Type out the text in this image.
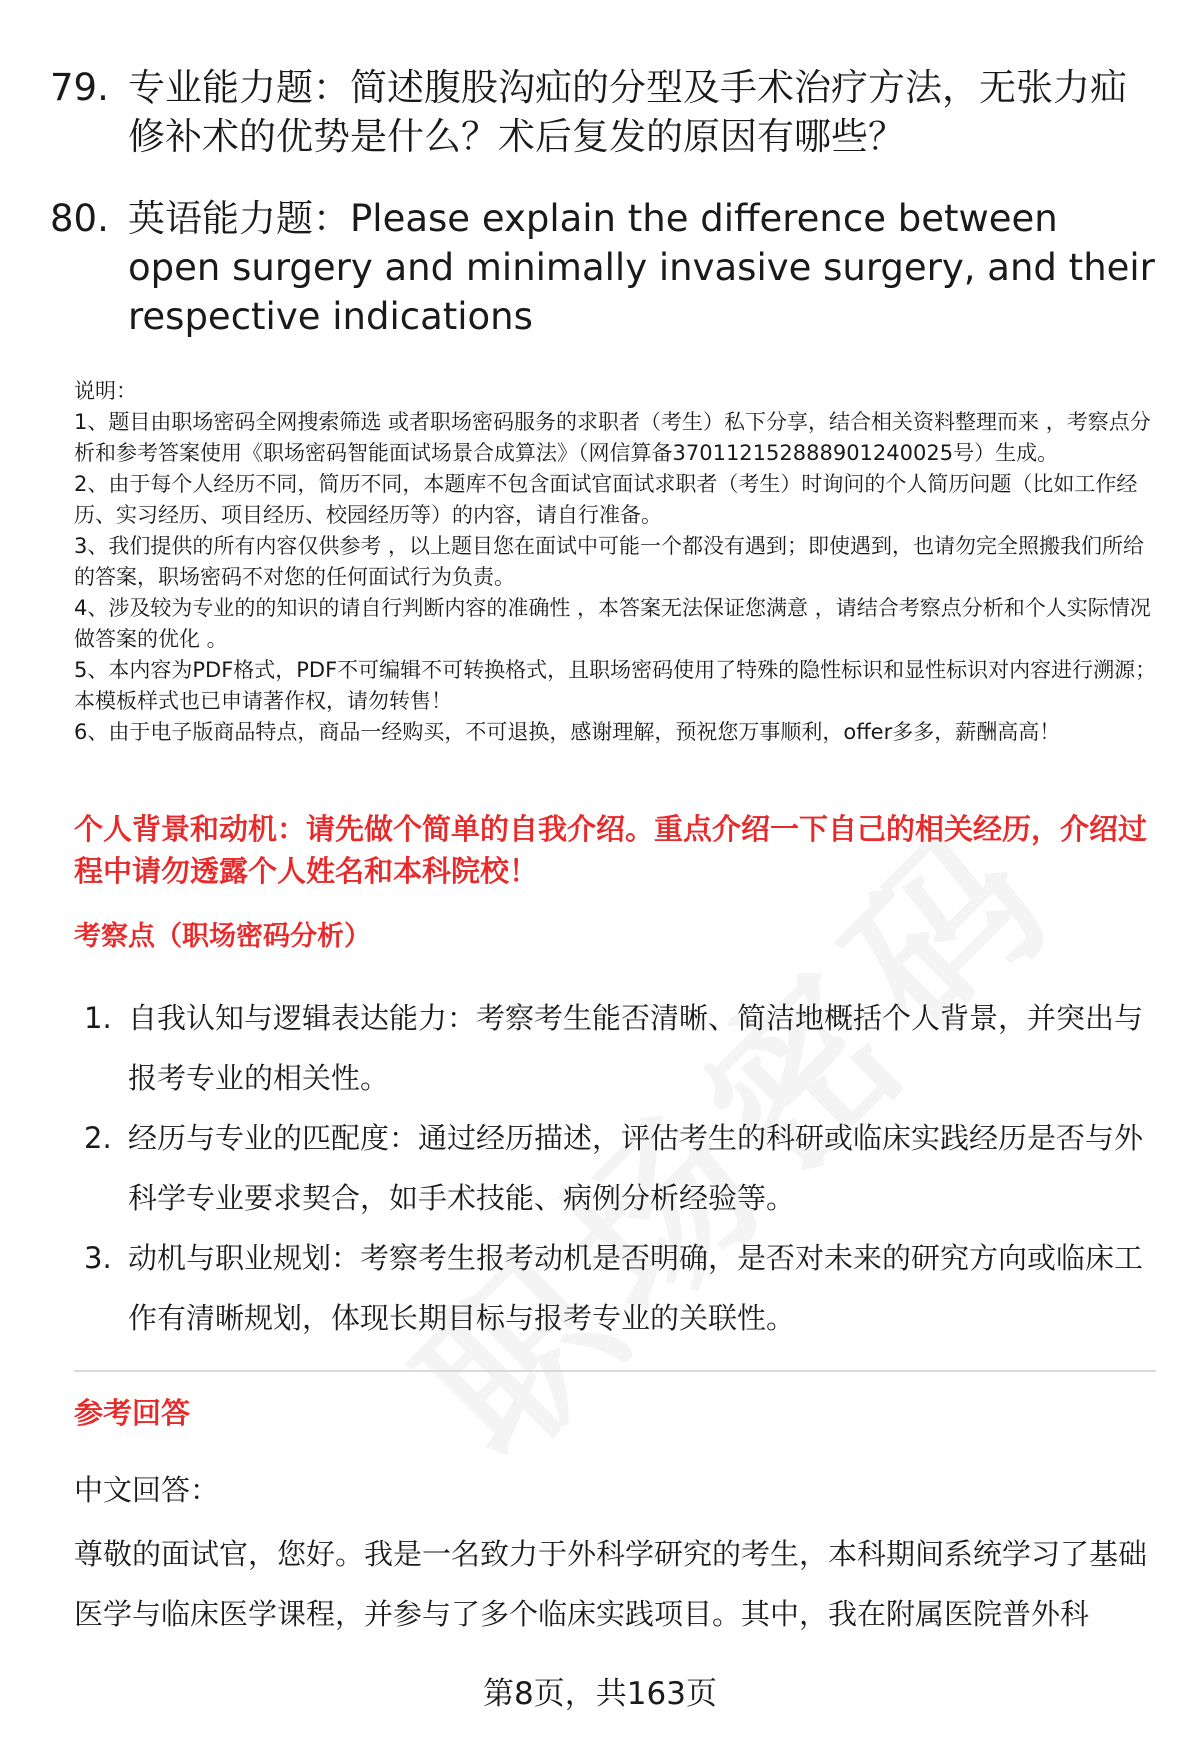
79. 专业能力题：简述腹股沟疝的分型及手术治疗方法，无张力疝修补术的优势是什么？术后复发的原因有哪些？
80. 英语能力题：Please explain the difference between open surgery and minimally invasive surgery, and their respective indications

说明：

1、题目由职场密码全网搜索筛选 或者职场密码服务的求职者（考生）私下分享，结合相关资料整理而来 ，考察点分析和参考答案使用《职场密码智能面试场景合成算法》（网信算备370112152888901240025号）生成。

2、由于每个人经历不同，简历不同，本题库不包含面试官面试求职者（考生）时询问的个人简历问题（比如工作经历、实习经历、项目经历、校园经历等）的内容，请自行准备。

3、我们提供的所有内容仅供参考 ，以上题目您在面试中可能一个都没有遇到；即使遇到，也请勿完全照搬我们所给的答案，职场密码不对您的任何面试行为负责。

4、涉及较为专业的的知识的请自行判断内容的准确性 ，本答案无法保证您满意 ，请结合考察点分析和个人实际情况做答案的优化 。

5、本内容为PDF格式，PDF不可编辑不可转换格式，且职场密码使用了特殊的隐性标识和显性标识对内容进行溯源；本模板样式也已申请著作权，请勿转售！

6、由于电子版商品特点，商品一经购买，不可退换，感谢理解，预祝您万事顺利，offer多多，薪酬高高！

个人背景和动机：请先做个简单的自我介绍。重点介绍一下自己的相关经历，介绍过程中请勿透露个人姓名和本科院校！
考察点（职场密码分析）
1. 自我认知与逻辑表达能力：考察考生能否清晰、简洁地概括个人背景，并突出与报考专业的相关性。
2. 经历与专业的匹配度：通过经历描述，评估考生的科研或临床实践经历是否与外科学专业要求契合，如手术技能、病例分析经验等。
3. 动机与职业规划：考察考生报考动机是否明确，是否对未来的研究方向或临床工作有清晰规划，体现长期目标与报考专业的关联性。
参考回答
中文回答：
尊敬的面试官，您好。我是一名致力于外科学研究的考生，本科期间系统学习了基础医学与临床医学课程，并参与了多个临床实践项目。其中，我在附属医院普外科
第8页，共163页
